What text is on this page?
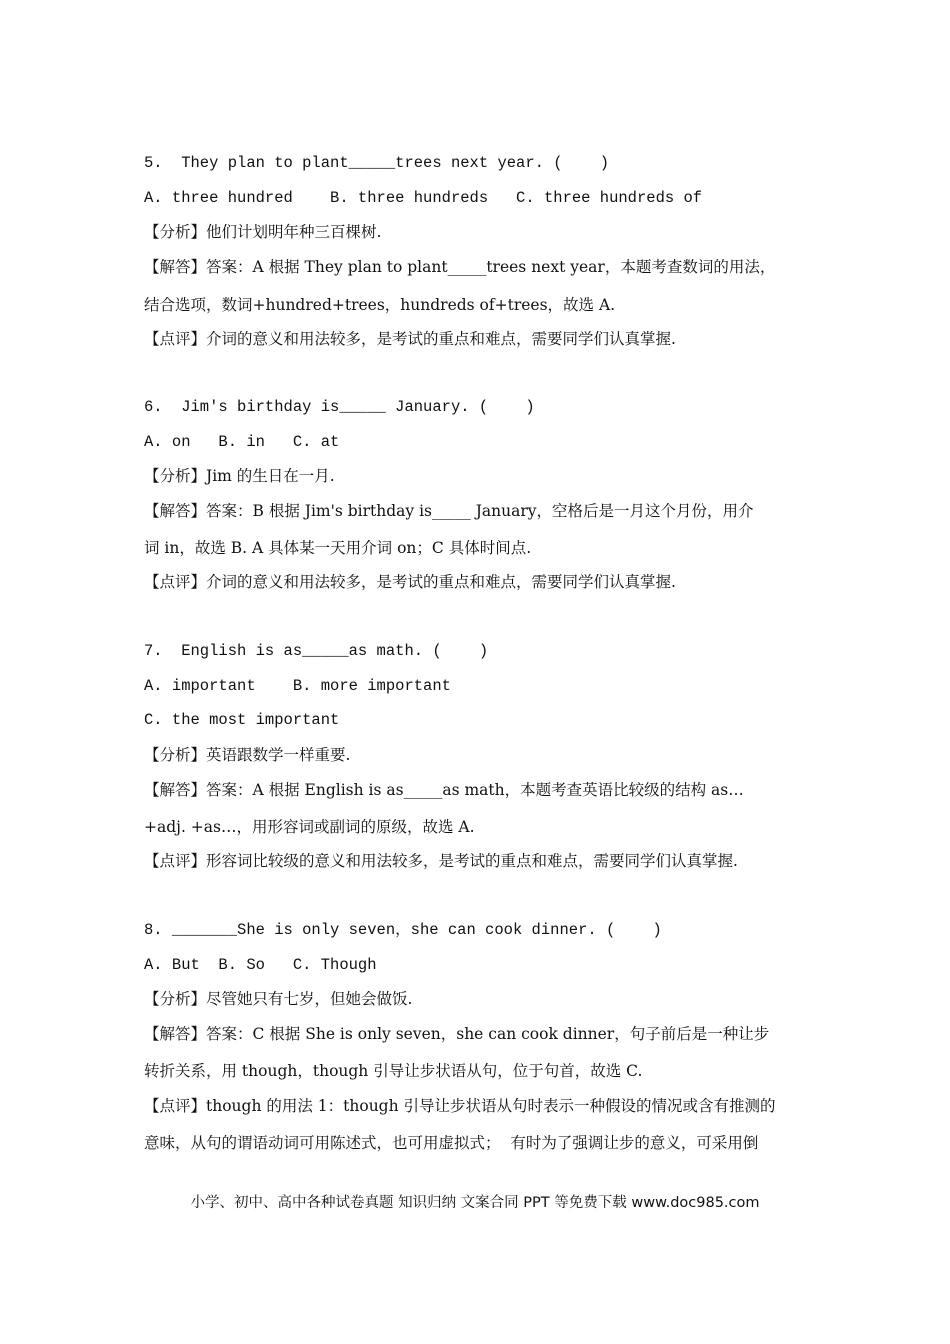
5.  They plan to plant_____trees next year. (    )
A. three hundred    B. three hundreds   C. three hundreds of
【分析】他们计划明年种三百棵树.
【解答】答案：A 根据 They plan to plant_____trees next year，本题考查数词的用法，
结合选项，数词+hundred+trees，hundreds of+trees，故选 A.
【点评】介词的意义和用法较多，是考试的重点和难点，需要同学们认真掌握.
6.  Jim's birthday is_____ January. (    )
A. on   B. in   C. at
【分析】Jim 的生日在一月.
【解答】答案：B 根据 Jim's birthday is_____ January，空格后是一月这个月份，用介
词 in，故选 B. A 具体某一天用介词 on；C 具体时间点.
【点评】介词的意义和用法较多，是考试的重点和难点，需要同学们认真掌握.
7.  English is as_____as math. (    )
A. important    B. more important
C. the most important
【分析】英语跟数学一样重要.
【解答】答案：A 根据 English is as_____as math，本题考查英语比较级的结构 as…
+adj. +as…，用形容词或副词的原级，故选 A.
【点评】形容词比较级的意义和用法较多，是考试的重点和难点，需要同学们认真掌握.
8. _______She is only seven，she can cook dinner. (    )
A. But  B. So   C. Though
【分析】尽管她只有七岁，但她会做饭.
【解答】答案：C 根据 She is only seven，she can cook dinner，句子前后是一种让步
转折关系，用 though，though 引导让步状语从句，位于句首，故选 C.
【点评】though 的用法 1：though 引导让步状语从句时表示一种假设的情况或含有推测的
意味，从句的谓语动词可用陈述式，也可用虚拟式；  有时为了强调让步的意义，可采用倒
小学、初中、高中各种试卷真题 知识归纳 文案合同 PPT 等免费下载 www.doc985.com
